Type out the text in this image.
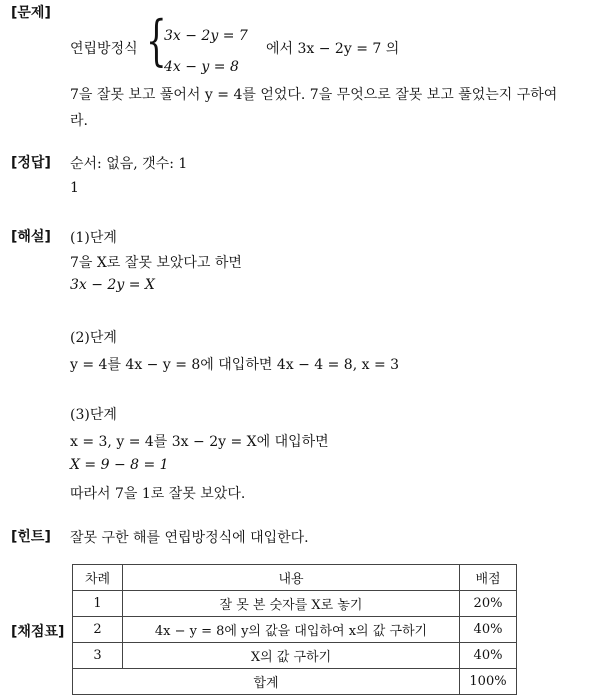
[문제]
연립방정식 {
3x − 2y = 7
4x − y = 8
에서 3x − 2y = 7 의
7을 잘못 보고 풀어서 y = 4를 얻었다. 7을 무엇으로 잘못 보고 풀었는지 구하여
라.
[정답] 순서: 없음, 갯수: 1
1
[해설] (1)단계
7을 X로 잘못 보았다고 하면
3x − 2y = X
(2)단계
y = 4를 4x − y = 8에 대입하면 4x − 4 = 8, x = 3
(3)단계
x = 3, y = 4를 3x − 2y = X에 대입하면
X = 9 − 8 = 1
따라서 7을 1로 잘못 보았다.
[힌트] 잘못 구한 해를 연립방정식에 대입한다.
[채점표]
차례	내용	배점
1	잘 못 본 숫자를 X로 놓기	20%
2	4x − y = 8에 y의 값을 대입하여 x의 값 구하기	40%
3	X의 값 구하기	40%
합계		100%
